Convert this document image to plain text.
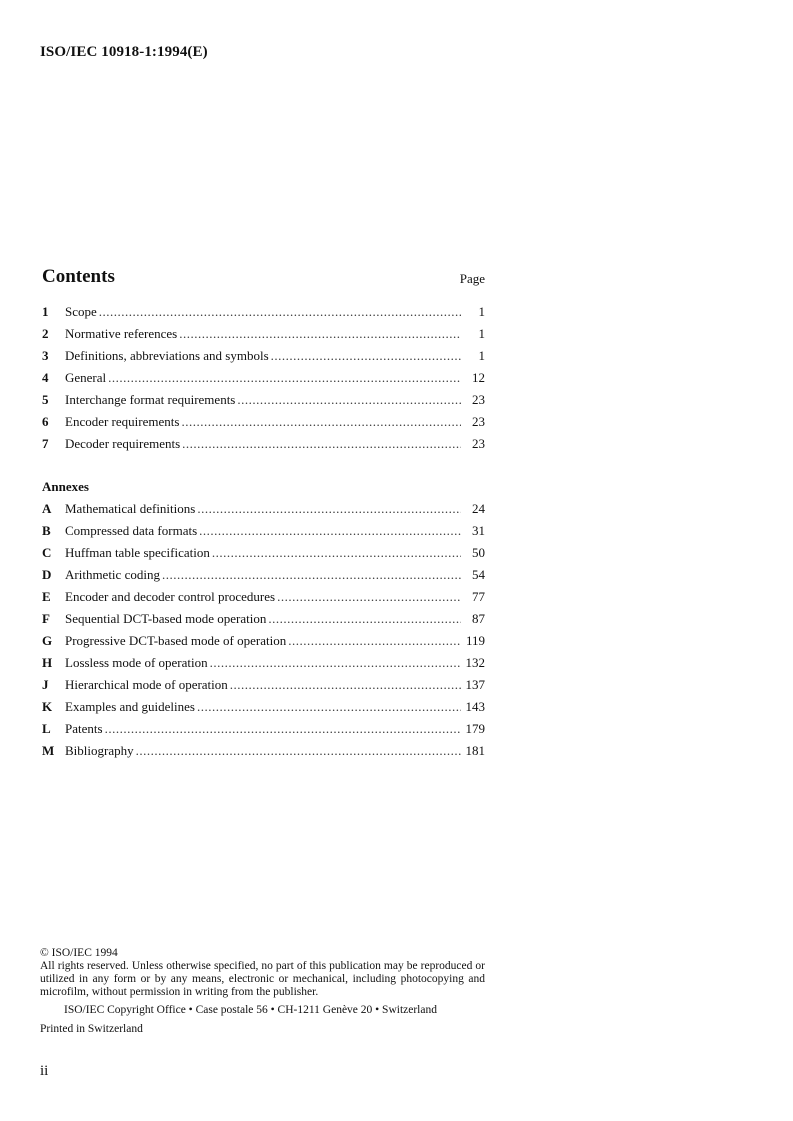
ISO/IEC 10918-1:1994(E)
Contents	Page
1	Scope .....	1
2	Normative references .....	1
3	Definitions, abbreviations and symbols .....	1
4	General .....	12
5	Interchange format requirements .....	23
6	Encoder requirements .....	23
7	Decoder requirements .....	23
Annexes
A	Mathematical definitions .....	24
B	Compressed data formats .....	31
C	Huffman table specification .....	50
D	Arithmetic coding .....	54
E	Encoder and decoder control procedures .....	77
F	Sequential DCT-based mode operation .....	87
G Progressive DCT-based mode of operation .....	119
H Lossless mode of operation .....	132
J	Hierarchical mode of operation .....	137
K Examples and guidelines .....	143
L	Patents .....	179
M Bibliography .....	181

© ISO/IEC 1994

All rights reserved. Unless otherwise specified, no part of this publication may be reproduced or utilized in any form or by any means, electronic or mechanical, including photocopying and microfilm, without permission in writing from the publisher.

ISO/IEC Copyright Office • Case postale 56 • CH-1211 Genève 20 • Switzerland

Printed in Switzerland

ii
